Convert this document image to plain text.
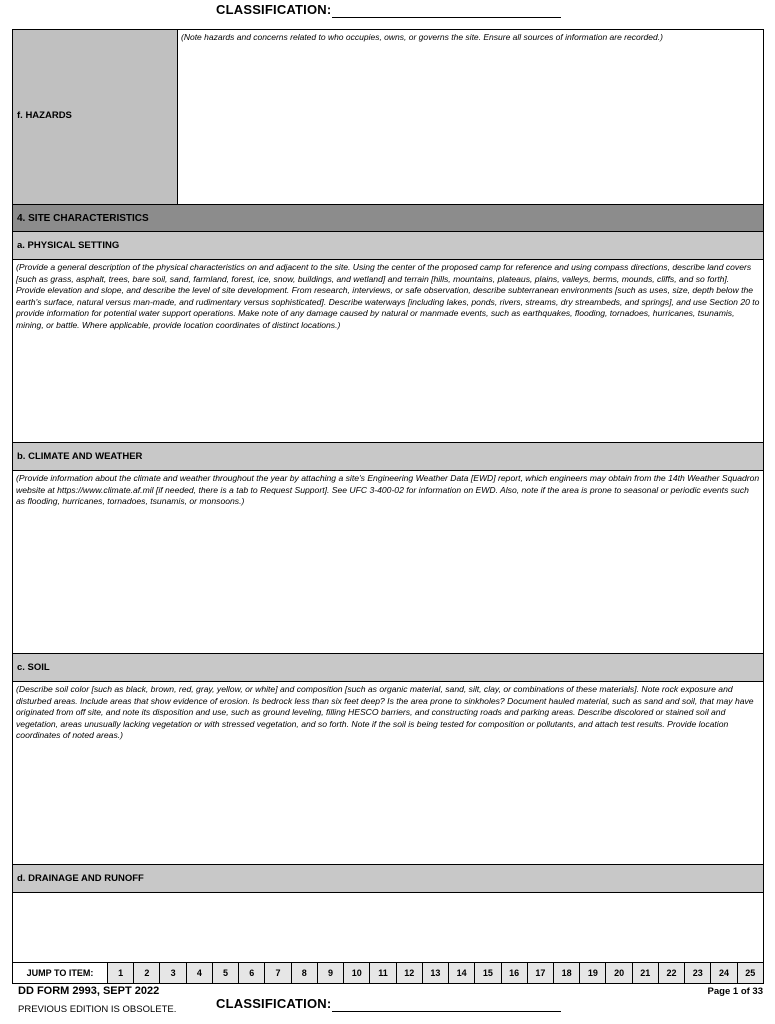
CLASSIFICATION:
f. HAZARDS
(Note hazards and concerns related to who occupies, owns, or governs the site. Ensure all sources of information are recorded.)
4. SITE CHARACTERISTICS
a. PHYSICAL SETTING
(Provide a general description of the physical characteristics on and adjacent to the site. Using the center of the proposed camp for reference and using compass directions, describe land covers [such as grass, asphalt, trees, bare soil, sand, farmland, forest, ice, snow, buildings, and wetland] and terrain [hills, mountains, plateaus, plains, valleys, berms, mounds, cliffs, and so forth]. Provide elevation and slope, and describe the level of site development. From research, interviews, or safe observation, describe subterranean environments [such as uses, size, depth below the earth's surface, natural versus man-made, and rudimentary versus sophisticated]. Describe waterways [including lakes, ponds, rivers, streams, dry streambeds, and springs], and use Section 20 to provide information for potential water support operations. Make note of any damage caused by natural or manmade events, such as earthquakes, flooding, tornadoes, hurricanes, tsunamis, mining, or battle. Where applicable, provide location coordinates of distinct locations.)
b. CLIMATE AND WEATHER
(Provide information about the climate and weather throughout the year by attaching a site's Engineering Weather Data [EWD] report, which engineers may obtain from the 14th Weather Squadron website at https://www.climate.af.mil [if needed, there is a tab to Request Support]. See UFC 3-400-02 for information on EWD. Also, note if the area is prone to seasonal or periodic events such as flooding, hurricanes, tornadoes, tsunamis, or monsoons.)
c. SOIL
(Describe soil color [such as black, brown, red, gray, yellow, or white] and composition [such as organic material, sand, silt, clay, or combinations of these materials]. Note rock exposure and disturbed areas. Include areas that show evidence of erosion. Is bedrock less than six feet deep? Is the area prone to sinkholes? Document hauled material, such as sand and soil, that may have originated from off site, and note its disposition and use, such as ground leveling, filling HESCO barriers, and constructing roads and parking areas. Describe discolored or stained soil and vegetation, areas unusually lacking vegetation or with stressed vegetation, and so forth. Note if the soil is being tested for composition or pollutants, and attach test results. Provide location coordinates of noted areas.)
d. DRAINAGE AND RUNOFF
JUMP TO ITEM:	1	2	3	4	5	6	7	8	9	10	11	12	13	14	15	16	17	18	19	20	21	22	23	24	25
DD FORM 2993, SEPT 2022
PREVIOUS EDITION IS OBSOLETE.
Page 1 of 33
CLASSIFICATION:
